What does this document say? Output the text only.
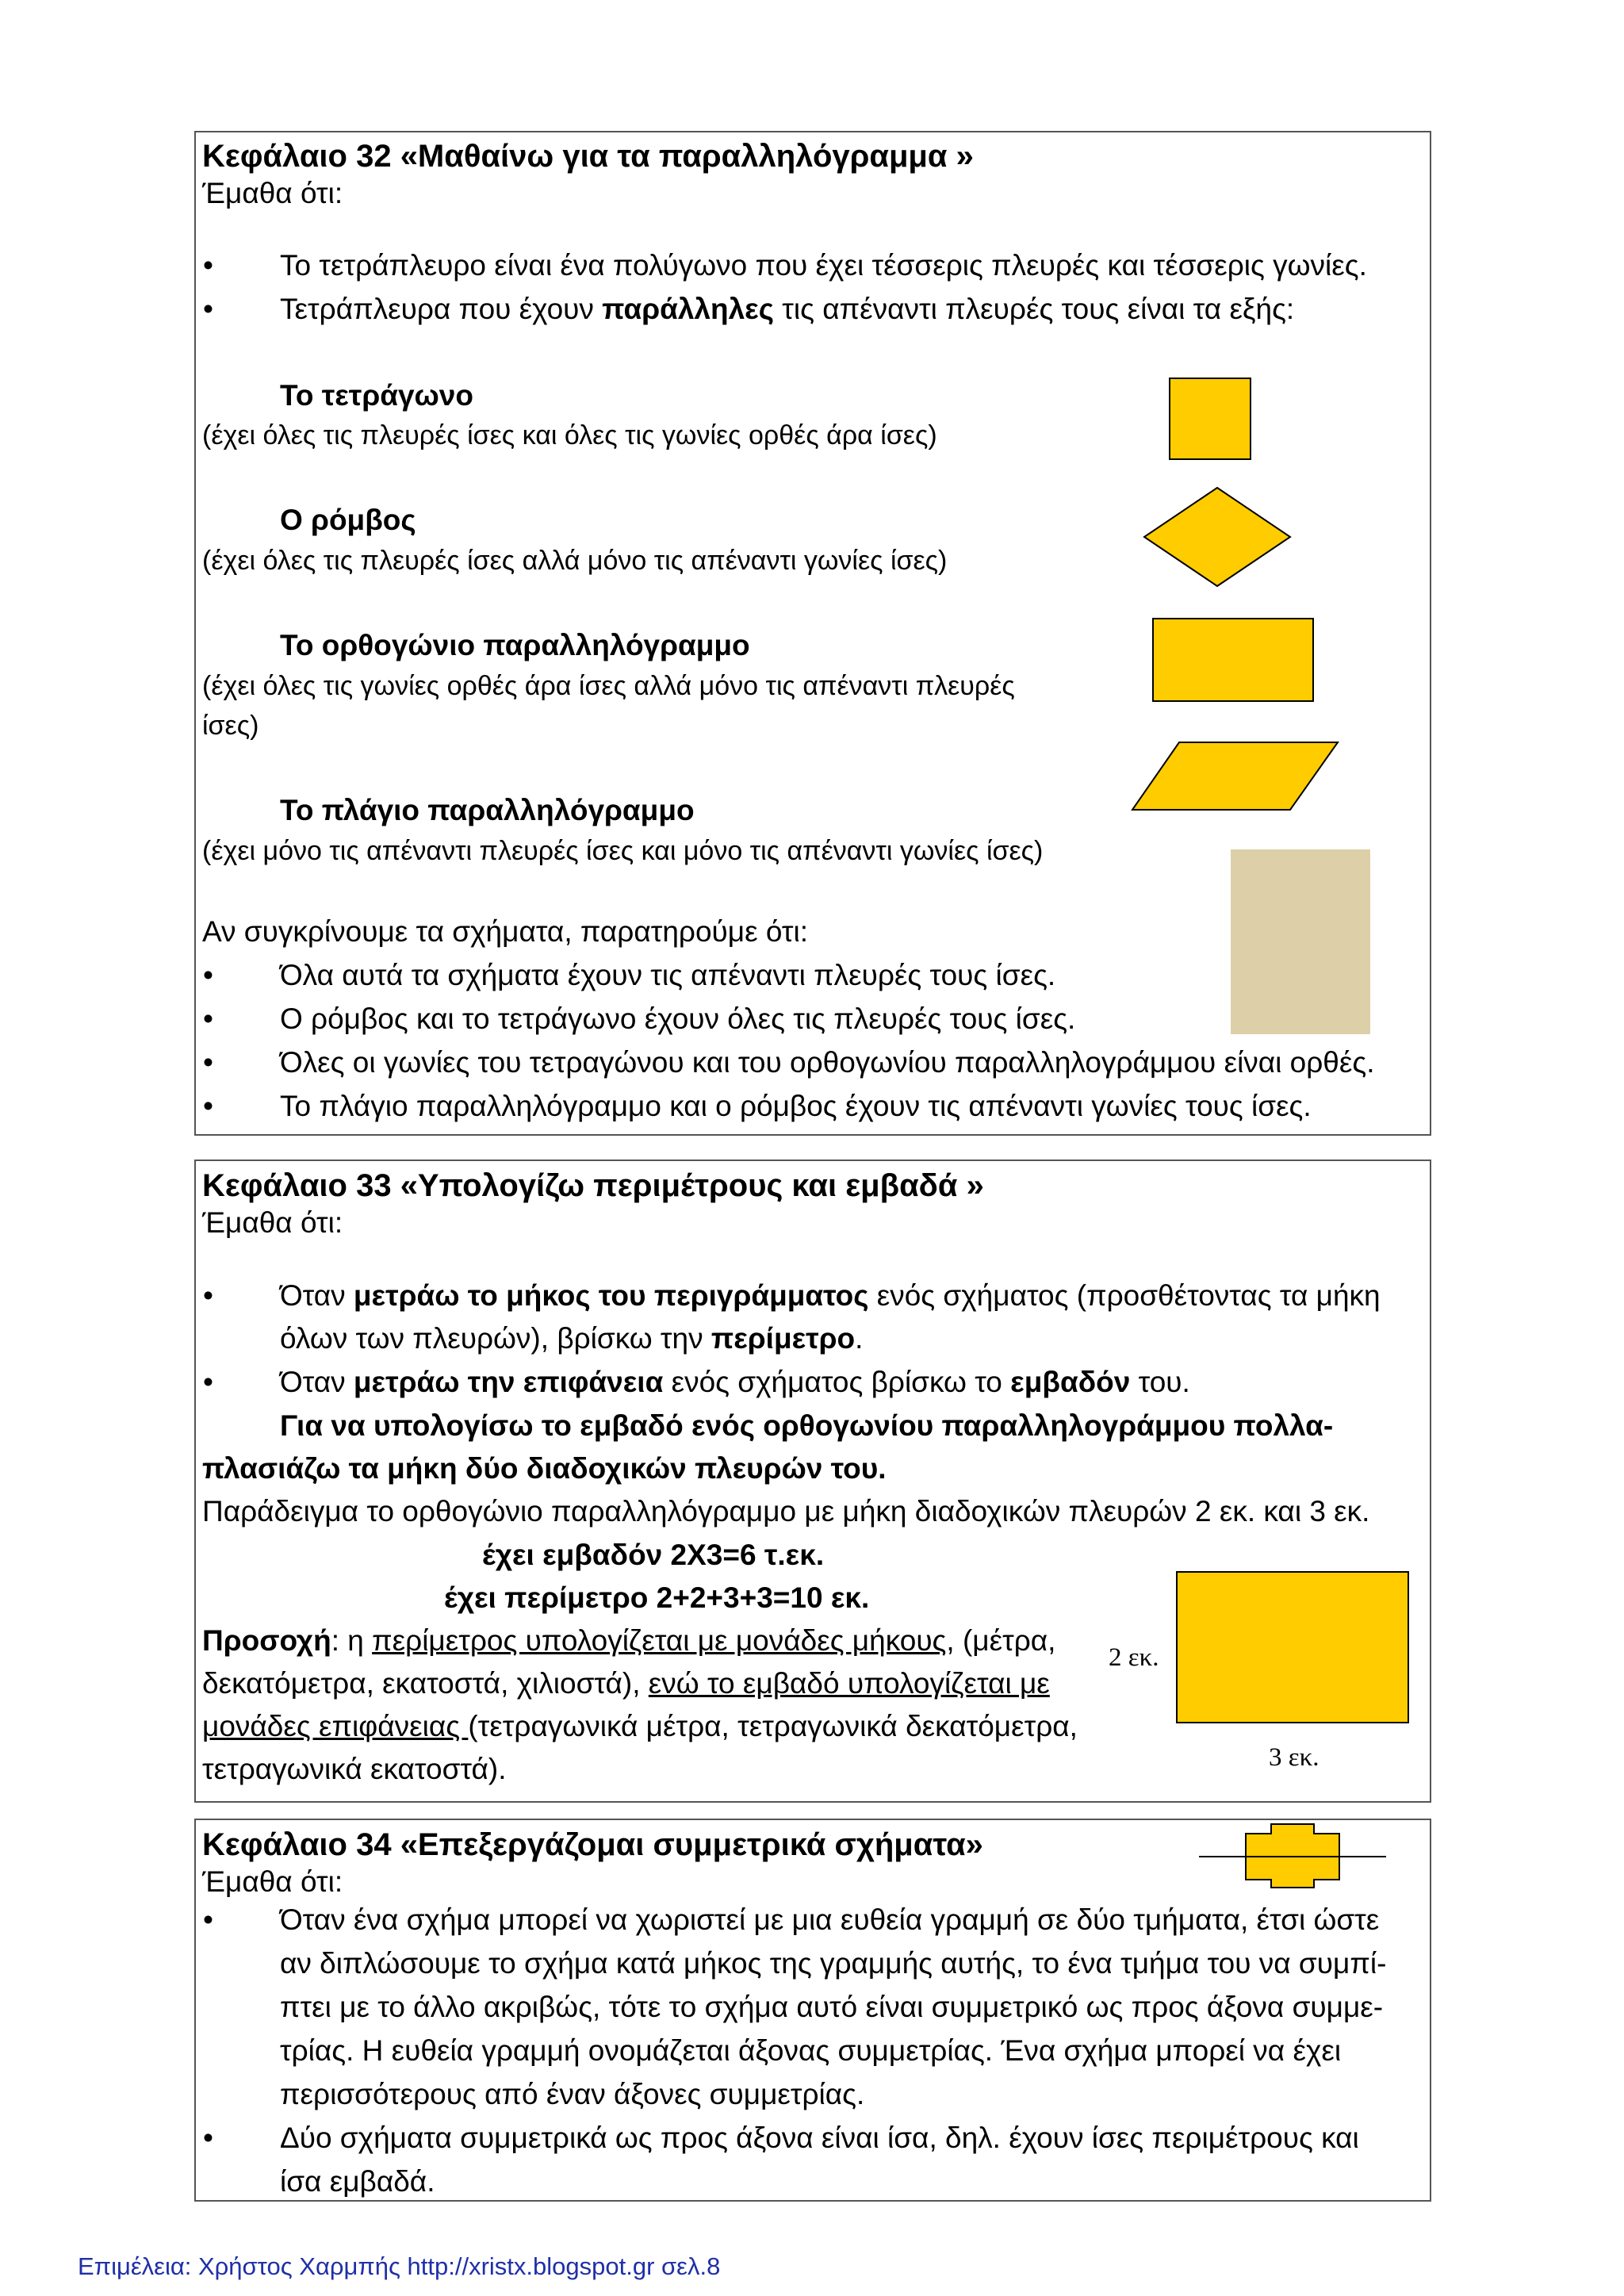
Κεφάλαιο 32 «Μαθαίνω για τα παραλληλόγραμμα »
Έμαθα ότι:
• Το τετράπλευρο είναι ένα πολύγωνο που έχει τέσσερις πλευρές και τέσσερις γωνίες.
• Τετράπλευρα που έχουν παράλληλες τις απέναντι πλευρές τους είναι τα εξής:
Το τετράγωνο
(έχει όλες τις πλευρές ίσες και όλες τις γωνίες ορθές άρα ίσες)
Ο ρόμβος
(έχει όλες τις πλευρές ίσες αλλά μόνο τις απέναντι γωνίες ίσες)
Το ορθογώνιο παραλληλόγραμμο
(έχει όλες τις γωνίες ορθές άρα ίσες αλλά μόνο τις απέναντι πλευρές
ίσες)
Το πλάγιο παραλληλόγραμμο
(έχει μόνο τις απέναντι πλευρές ίσες και μόνο τις απέναντι γωνίες ίσες)
Αν συγκρίνουμε τα σχήματα, παρατηρούμε ότι:
• Όλα αυτά τα σχήματα έχουν τις απέναντι πλευρές τους ίσες.
• Ο ρόμβος και το τετράγωνο έχουν όλες τις πλευρές τους ίσες.
• Όλες οι γωνίες του τετραγώνου και του ορθογωνίου παραλληλογράμμου είναι ορθές.
• Το πλάγιο παραλληλόγραμμο και ο ρόμβος έχουν τις απέναντι γωνίες τους ίσες.
Κεφάλαιο 33 «Υπολογίζω περιμέτρους και εμβαδά »
Έμαθα ότι:
• Όταν μετράω το μήκος του περιγράμματος ενός σχήματος (προσθέτοντας τα μήκη
όλων των πλευρών), βρίσκω την περίμετρο.
• Όταν μετράω την επιφάνεια ενός σχήματος βρίσκω το εμβαδόν του.
Για να υπολογίσω το εμβαδό ενός ορθογωνίου παραλληλογράμμου πολλα-
πλασιάζω τα μήκη δύο διαδοχικών πλευρών του.
Παράδειγμα το ορθογώνιο παραλληλόγραμμο με μήκη διαδοχικών πλευρών 2 εκ. και 3 εκ.
έχει εμβαδόν 2Χ3=6 τ.εκ.
έχει περίμετρο 2+2+3+3=10 εκ.
Προσοχή: η περίμετρος υπολογίζεται με μονάδες μήκους, (μέτρα,
δεκατόμετρα, εκατοστά, χιλιοστά), ενώ το εμβαδό υπολογίζεται με
μονάδες επιφάνειας (τετραγωνικά μέτρα, τετραγωνικά δεκατόμετρα,
τετραγωνικά εκατοστά).
2 εκ.
3 εκ.
Κεφάλαιο 34 «Επεξεργάζομαι συμμετρικά σχήματα»
Έμαθα ότι:
• Όταν ένα σχήμα μπορεί να χωριστεί με μια ευθεία γραμμή σε δύο τμήματα, έτσι ώστε
αν διπλώσουμε το σχήμα κατά μήκος της γραμμής αυτής, το ένα τμήμα του να συμπί-
πτει με το άλλο ακριβώς, τότε το σχήμα αυτό είναι συμμετρικό ως προς άξονα συμμε-
τρίας. Η ευθεία γραμμή ονομάζεται άξονας συμμετρίας. Ένα σχήμα μπορεί να έχει
περισσότερους από έναν άξονες συμμετρίας.
• Δύο σχήματα συμμετρικά ως προς άξονα είναι ίσα, δηλ. έχουν ίσες περιμέτρους και
ίσα εμβαδά.
Επιμέλεια: Χρήστος Χαρμπής http://xristx.blogspot.gr σελ.8
